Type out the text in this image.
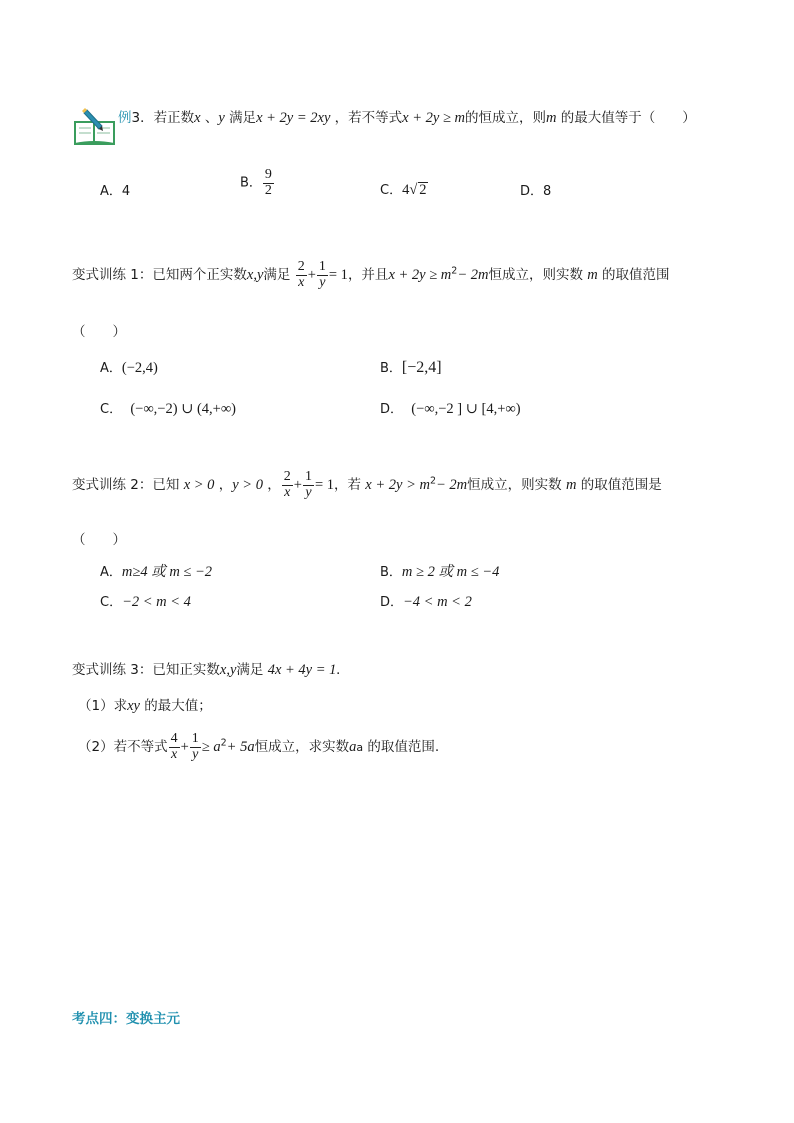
例3．若正数x 、y 满足x + 2y = 2xy ，若不等式x + 2y ≥ m的恒成立，则m 的最大值等于（　　）
A．4
B． $\frac{9}{2}$	C．4√ 2	D．8
变式训练 1：已知两个正实数x,y满足 $\frac{2}{x} + \frac{1}{y} = 1$，并且$x + 2y \ge m^2- 2m$恒成立，则实数 m 的取值范围
（　　）
A．(−2,4)	B．[−2,4]
C． (−∞,−2) ∪ (4,+∞)	D． (−∞,−2 ] ∪ [4,+∞)
变式训练 2：已知 x > 0 ，y > 0 ， $\frac{2}{x} + \frac{1}{y} = 1$，若 $x + 2y > m^2- 2m$恒成立，则实数 m 的取值范围是
（　　）
A．m≥4 或 m ≤ −2	B．m ≥ 2 或 m ≤ −4
C．−2 < m < 4	D．−4 < m < 2
变式训练 3：已知正实数x,y满足 4x + 4y = 1.
（1）求xy 的最大值；
（2）若不等式 $\frac{4}{x} + \frac{1}{y} \ge a^2+ 5a$恒成立，求实数aa 的取值范围.
考点四：变换主元
